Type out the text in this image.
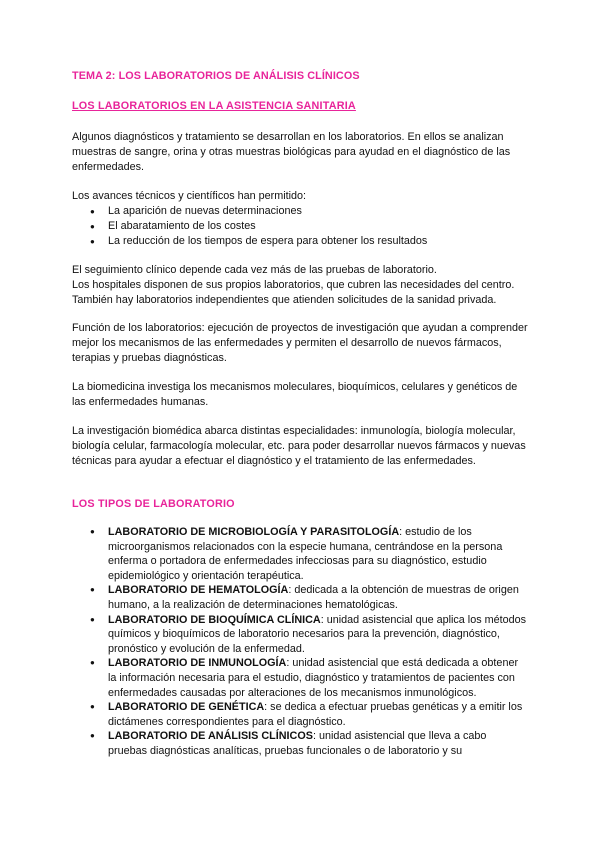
TEMA 2: LOS LABORATORIOS DE ANÁLISIS CLÍNICOS
LOS LABORATORIOS EN LA ASISTENCIA SANITARIA
Algunos diagnósticos y tratamiento se desarrollan en los laboratorios. En ellos se analizan muestras de sangre, orina y otras muestras biológicas para ayudad en el diagnóstico de las enfermedades.
Los avances técnicos y científicos han permitido:
● La aparición de nuevas determinaciones
● El abaratamiento de los costes
● La reducción de los tiempos de espera para obtener los resultados
El seguimiento clínico depende cada vez más de las pruebas de laboratorio.
Los hospitales disponen de sus propios laboratorios, que cubren las necesidades del centro. También hay laboratorios independientes que atienden solicitudes de la sanidad privada.
Función de los laboratorios: ejecución de proyectos de investigación que ayudan a comprender mejor los mecanismos de las enfermedades y permiten el desarrollo de nuevos fármacos, terapias y pruebas diagnósticas.
La biomedicina investiga los mecanismos moleculares, bioquímicos, celulares y genéticos de las enfermedades humanas.
La investigación biomédica abarca distintas especialidades: inmunología, biología molecular, biología celular, farmacología molecular, etc. para poder desarrollar nuevos fármacos y nuevas técnicas para ayudar a efectuar el diagnóstico y el tratamiento de las enfermedades.
LOS TIPOS DE LABORATORIO
● LABORATORIO DE MICROBIOLOGÍA Y PARASITOLOGÍA: estudio de los microorganismos relacionados con la especie humana, centrándose en la persona enferma o portadora de enfermedades infecciosas para su diagnóstico, estudio epidemiológico y orientación terapéutica.
● LABORATORIO DE HEMATOLOGÍA: dedicada a la obtención de muestras de origen humano, a la realización de determinaciones hematológicas.
● LABORATORIO DE BIOQUÍMICA CLÍNICA: unidad asistencial que aplica los métodos químicos y bioquímicos de laboratorio necesarios para la prevención, diagnóstico, pronóstico y evolución de la enfermedad.
● LABORATORIO DE INMUNOLOGÍA: unidad asistencial que está dedicada a obtener la información necesaria para el estudio, diagnóstico y tratamientos de pacientes con enfermedades causadas por alteraciones de los mecanismos inmunológicos.
● LABORATORIO DE GENÉTICA: se dedica a efectuar pruebas genéticas y a emitir los dictámenes correspondientes para el diagnóstico.
● LABORATORIO DE ANÁLISIS CLÍNICOS: unidad asistencial que lleva a cabo pruebas diagnósticas analíticas, pruebas funcionales o de laboratorio y su
